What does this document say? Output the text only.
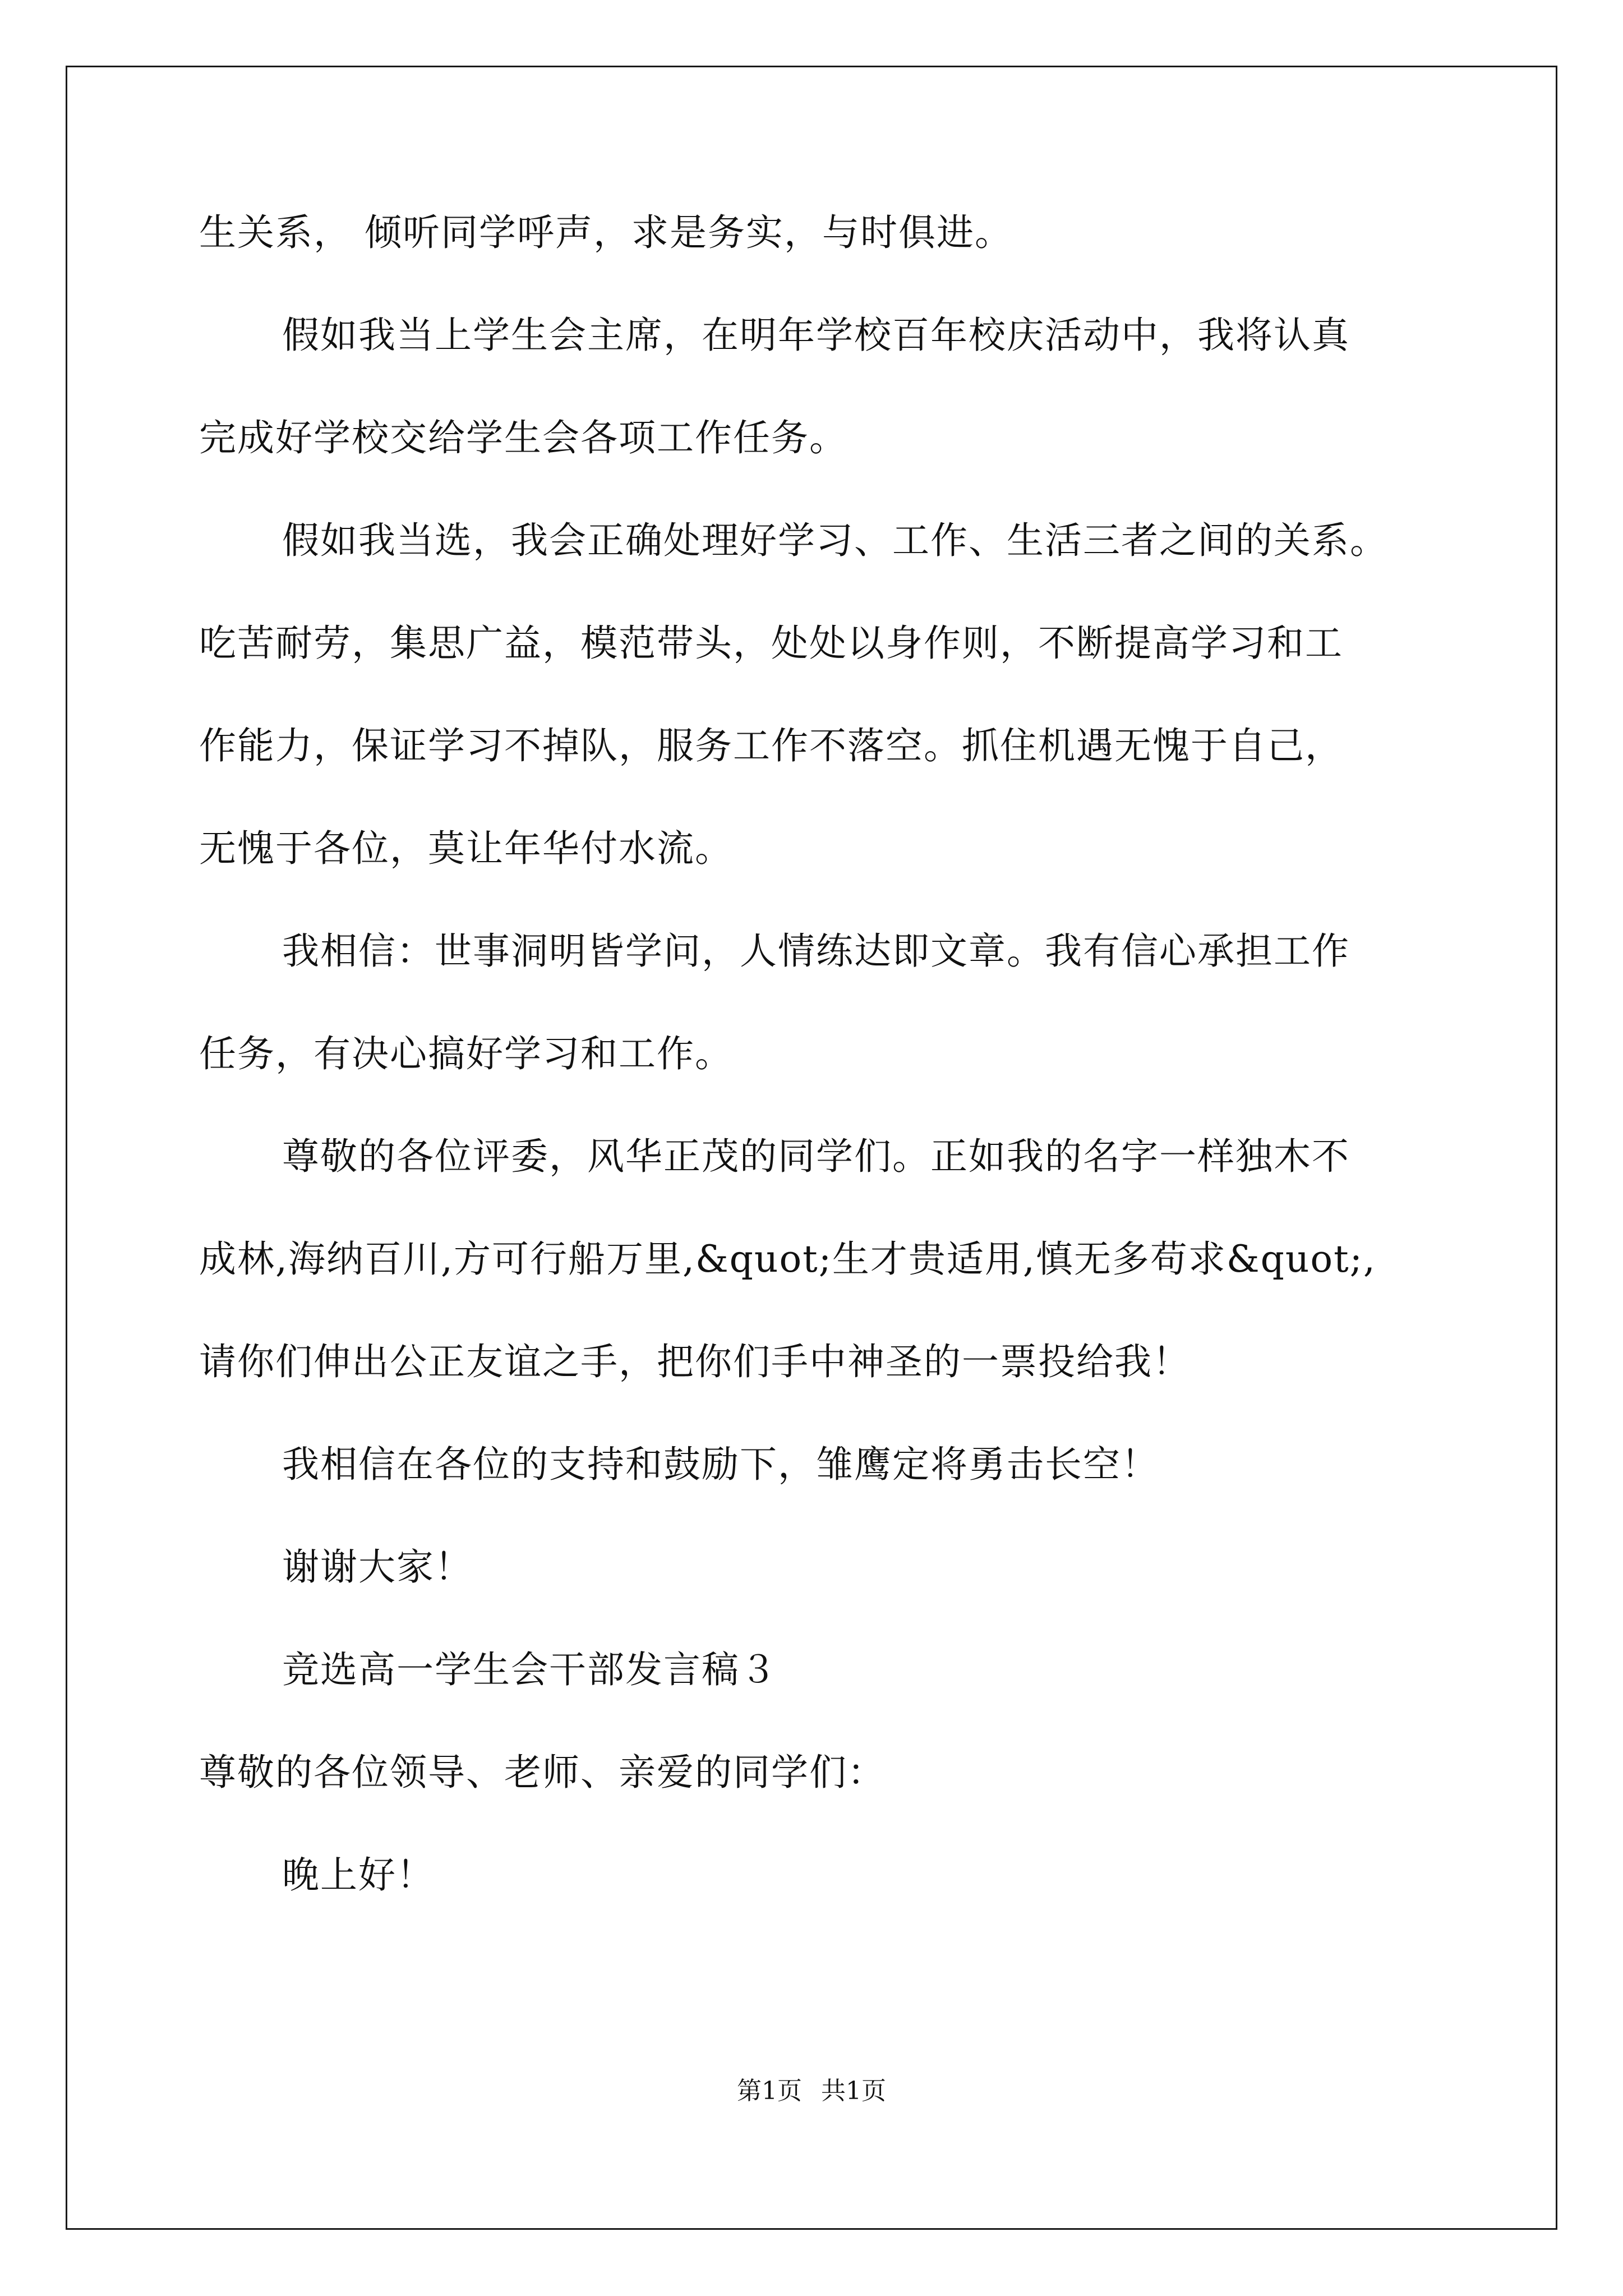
生关系， 倾听同学呼声，求是务实，与时俱进。
假如我当上学生会主席，在明年学校百年校庆活动中，我将认真
完成好学校交给学生会各项工作任务。
假如我当选，我会正确处理好学习、工作、生活三者之间的关系。
吃苦耐劳，集思广益，模范带头，处处以身作则，不断提高学习和工
作能力，保证学习不掉队，服务工作不落空。抓住机遇无愧于自己，
无愧于各位，莫让年华付水流。
我相信：世事洞明皆学问，人情练达即文章。我有信心承担工作
任务，有决心搞好学习和工作。
尊敬的各位评委，风华正茂的同学们。正如我的名字一样独木不
成林,海纳百川,方可行船万里,&quot;生才贵适用,慎无多苟求&quot;,
请你们伸出公正友谊之手，把你们手中神圣的一票投给我！
我相信在各位的支持和鼓励下，雏鹰定将勇击长空！
谢谢大家！
竞选高一学生会干部发言稿３
尊敬的各位领导、老师、亲爱的同学们：
晚上好！
第1页 共1页
